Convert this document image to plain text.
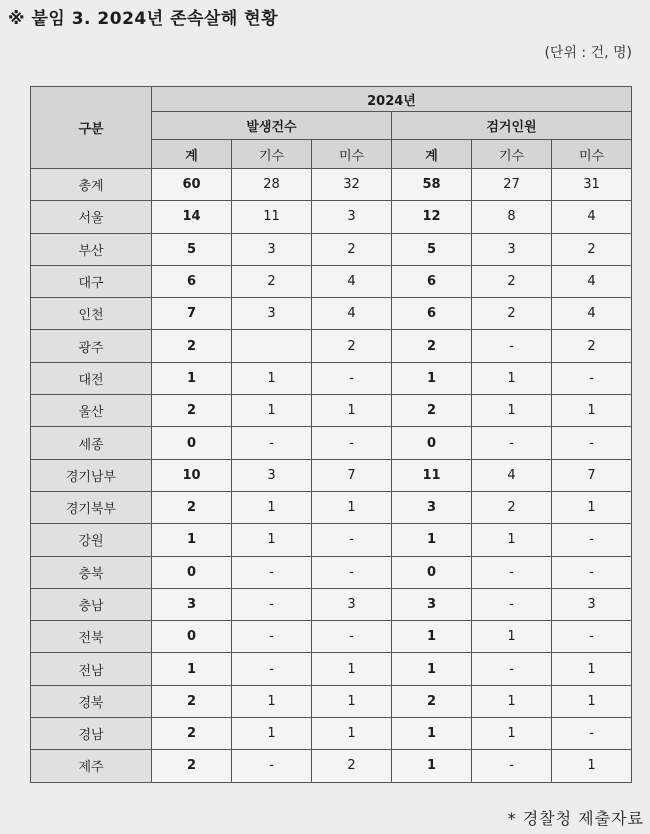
※ 붙임 3. 2024년 존속살해 현황
(단위 : 건, 명)
구분	2024년					
	발생건수			검거인원		
	계	기수	미수	계	기수	미수
총계	60	28	32	58	27	31
서울	14	11	3	12	8	4
부산	5	3	2	5	3	2
대구	6	2	4	6	2	4
인천	7	3	4	6	2	4
광주	2		2	2	-	2
대전	1	1	-	1	1	-
울산	2	1	1	2	1	1
세종	0	-	-	0	-	-
경기남부	10	3	7	11	4	7
경기북부	2	1	1	3	2	1
강원	1	1	-	1	1	-
충북	0	-	-	0	-	-
충남	3	-	3	3	-	3
전북	0	-	-	1	1	-
전남	1	-	1	1	-	1
경북	2	1	1	2	1	1
경남	2	1	1	1	1	-
제주	2	-	2	1	-	1
* 경찰청 제출자료
